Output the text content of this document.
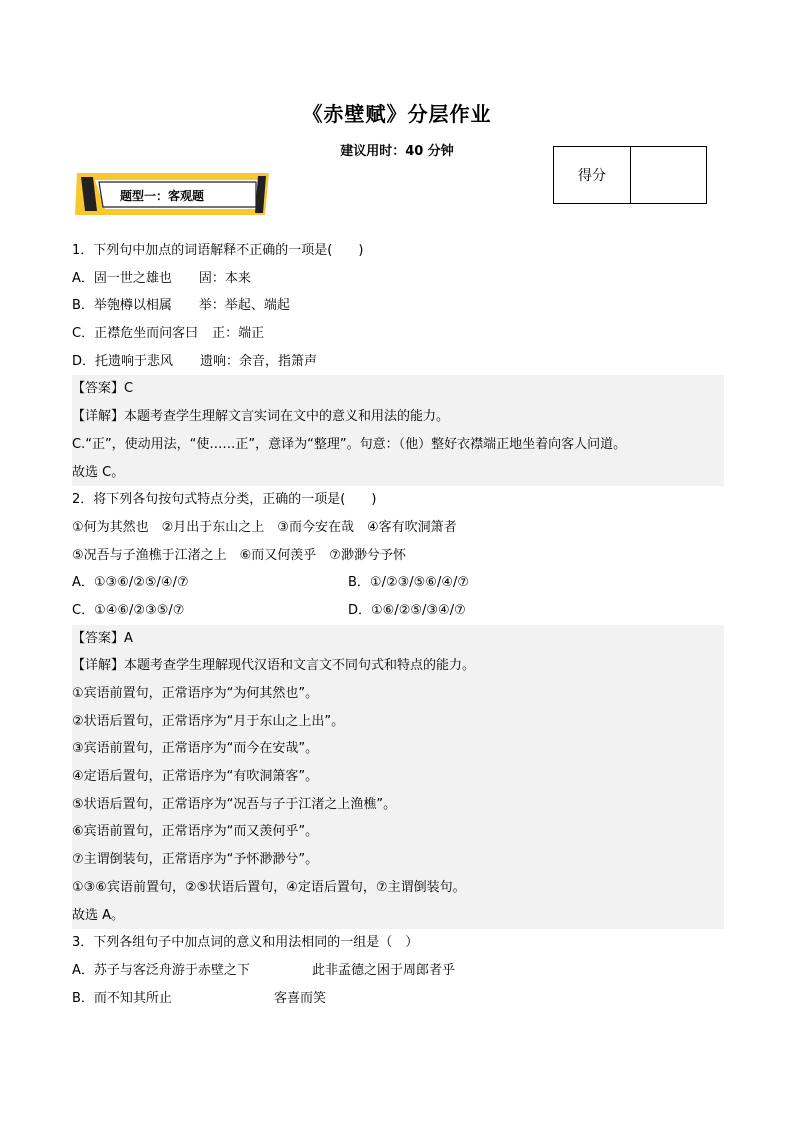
《赤壁赋》分层作业
建议用时：40 分钟
得分
题型一：客观题
1．下列句中加点的词语解释不正确的一项是(　　)
A．固一世之雄也 固：本来
B．举匏樽以相属 举：举起、端起
C．正襟危坐而问客曰 正：端正
D．托遗响于悲风 遗响：余音，指箫声
【答案】C
【详解】本题考查学生理解文言实词在文中的意义和用法的能力。
C.“正”，使动用法，“使……正”，意译为“整理”。句意：（他）整好衣襟端正地坐着向客人问道。
故选 C。
2．将下列各句按句式特点分类，正确的一项是(　　)
①何为其然也　②月出于东山之上　③而今安在哉　④客有吹洞箫者
⑤况吾与子渔樵于江渚之上　⑥而又何羡乎　⑦渺渺兮予怀
A．①③⑥/②⑤/④/⑦	B．①/②③/⑤⑥/④/⑦
C．①④⑥/②③⑤/⑦	D．①⑥/②⑤/③④/⑦
【答案】A
【详解】本题考查学生理解现代汉语和文言文不同句式和特点的能力。
①宾语前置句，正常语序为“为何其然也”。
②状语后置句，正常语序为“月于东山之上出”。
③宾语前置句，正常语序为“而今在安哉”。
④定语后置句，正常语序为“有吹洞箫客”。
⑤状语后置句，正常语序为“况吾与子于江渚之上渔樵”。
⑥宾语前置句，正常语序为“而又羡何乎”。
⑦主谓倒装句，正常语序为“予怀渺渺兮”。
①③⑥宾语前置句，②⑤状语后置句，④定语后置句，⑦主谓倒装句。
故选 A。
3．下列各组句子中加点词的意义和用法相同的一组是（　）
A．苏子与客泛舟游于赤壁之下	此非孟德之困于周郎者乎
B．而不知其所止	客喜而笑
